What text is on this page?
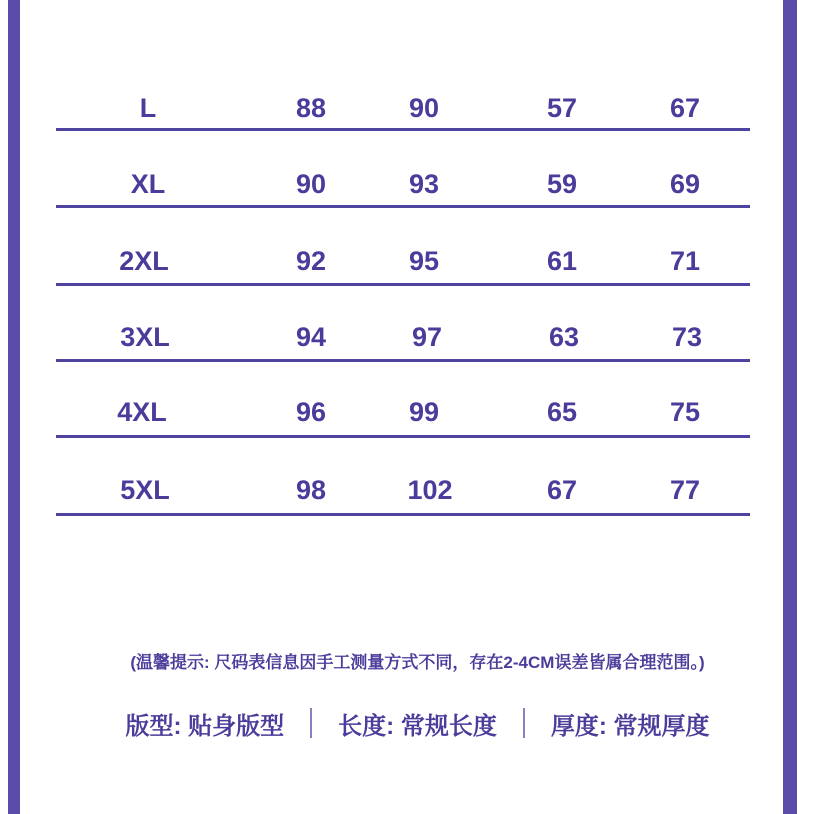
L	88	90	57	67
XL	90	93	59	69
2XL	92	95	61	71
3XL	94	97	63	73
4XL	96	99	65	75
5XL	98	102	67	77
(温馨提示: 尺码表信息因手工测量方式不同，存在2-4CM误差皆属合理范围。)
版型: 贴身版型 长度: 常规长度 厚度: 常规厚度
